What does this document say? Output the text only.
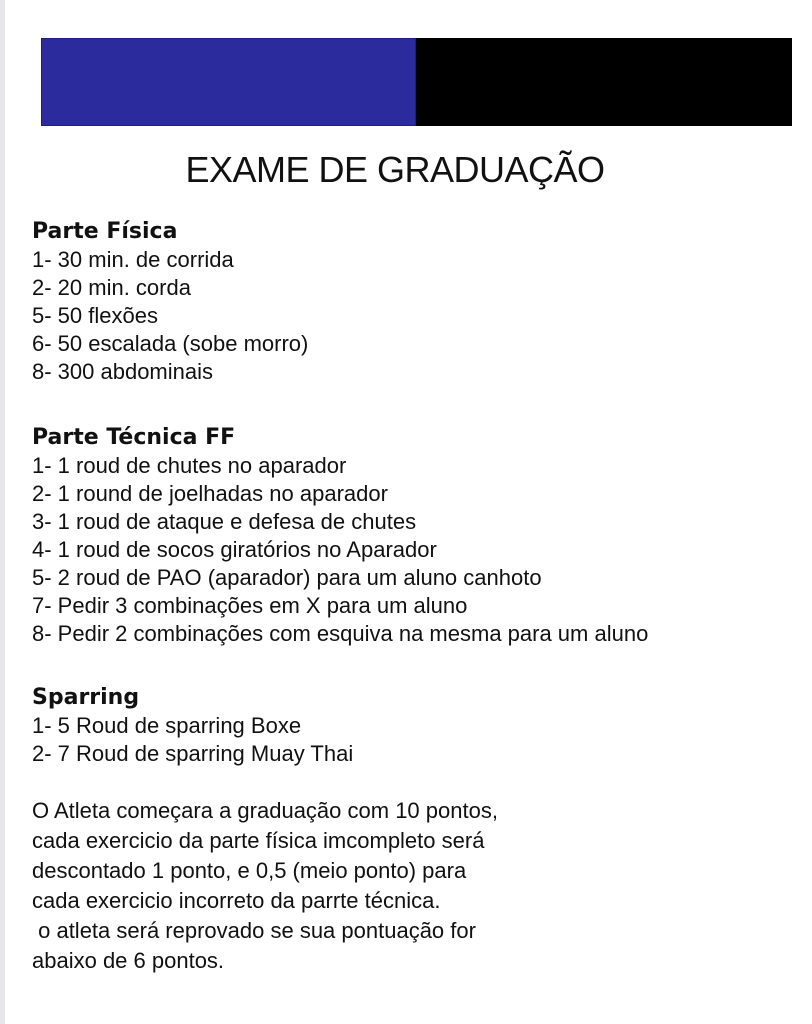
EXAME DE GRADUAÇÃO
Parte Física
1- 30 min. de corrida
2- 20 min. corda
5- 50 flexões
6- 50 escalada (sobe morro)
8- 300 abdominais
Parte Técnica FF
1- 1 roud de chutes no aparador
2- 1 round de joelhadas no aparador
3- 1 roud de ataque e defesa de chutes
4- 1 roud de socos giratórios no Aparador
5- 2 roud de PAO (aparador) para um aluno canhoto
7- Pedir 3 combinações em X para um aluno
8- Pedir 2 combinações com esquiva na mesma para um aluno
Sparring
1- 5 Roud de sparring Boxe
2- 7 Roud de sparring Muay Thai
O Atleta começara a graduação com 10 pontos,
cada exercicio da parte física imcompleto será
descontado 1 ponto, e 0,5 (meio ponto) para
cada exercicio incorreto da parrte técnica.
o atleta será reprovado se sua pontuação for
abaixo de 6 pontos.
